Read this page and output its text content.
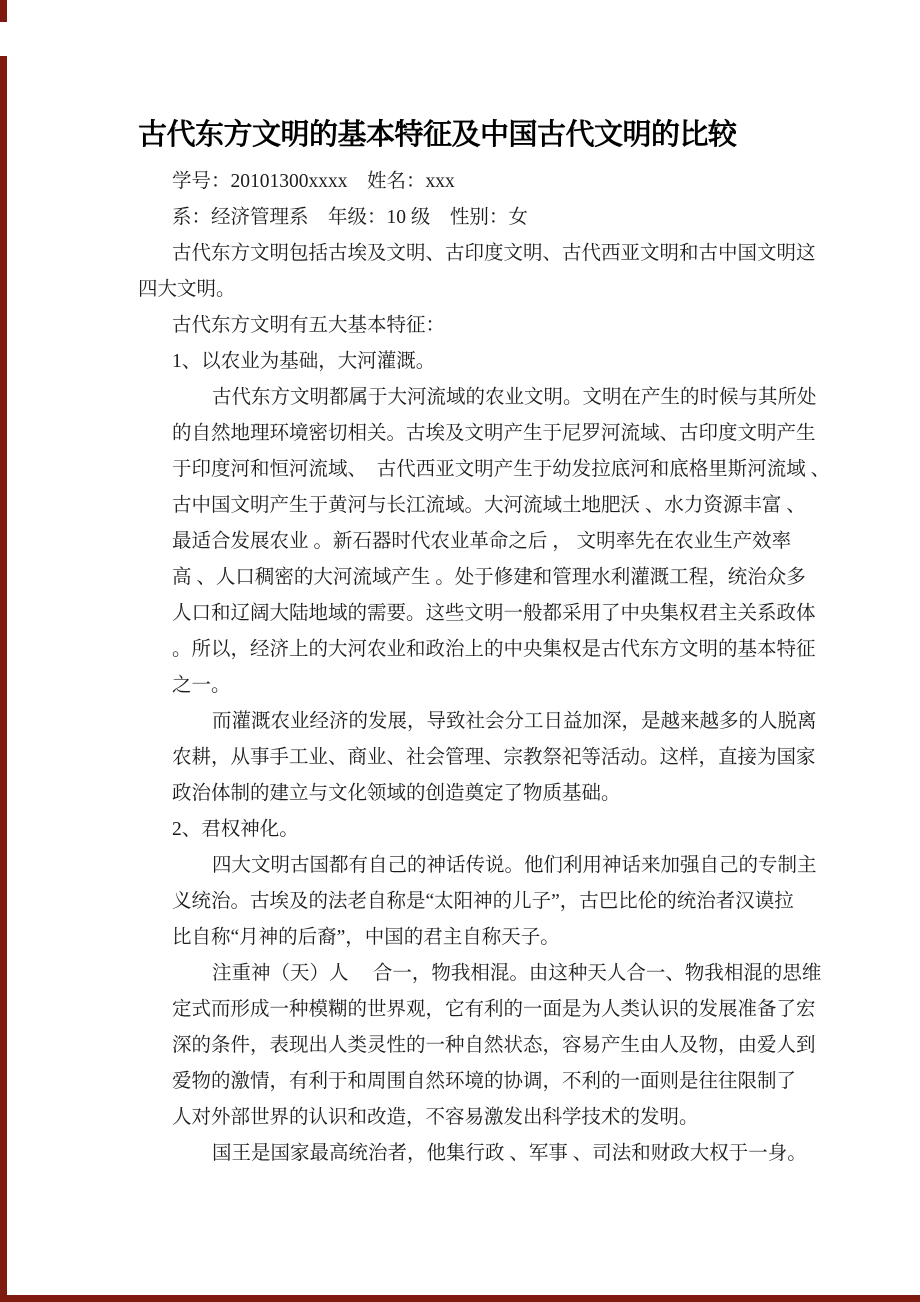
古代东方文明的基本特征及中国古代文明的比较
学号：20101300xxxx　姓名：xxx
系：经济管理系　年级：10 级　性别：女
古代东方文明包括古埃及文明、古印度文明、古代西亚文明和古中国文明这
四大文明。
古代东方文明有五大基本特征：
1、以农业为基础，大河灌溉。
古代东方文明都属于大河流域的农业文明。文明在产生的时候与其所处
的自然地理环境密切相关。古埃及文明产生于尼罗河流域、古印度文明产生
于印度河和恒河流域、　古代西亚文明产生于幼发拉底河和底格里斯河流域 、
古中国文明产生于黄河与长江流域。大河流域土地肥沃 、水力资源丰富 、
最适合发展农业 。新石器时代农业革命之后 ， 文明率先在农业生产效率
高 、人口稠密的大河流域产生 。处于修建和管理水利灌溉工程，统治众多
人口和辽阔大陆地域的需要。这些文明一般都采用了中央集权君主关系政体
。所以，经济上的大河农业和政治上的中央集权是古代东方文明的基本特征
之一。
而灌溉农业经济的发展，导致社会分工日益加深，是越来越多的人脱离
农耕，从事手工业、商业、社会管理、宗教祭祀等活动。这样，直接为国家
政治体制的建立与文化领域的创造奠定了物质基础。
2、君权神化。
四大文明古国都有自己的神话传说。他们利用神话来加强自己的专制主
义统治。古埃及的法老自称是“太阳神的儿子”，古巴比伦的统治者汉谟拉
比自称“月神的后裔”，中国的君主自称天子。
注重神（天）人　 合一，物我相混。由这种天人合一、物我相混的思维
定式而形成一种模糊的世界观，它有利的一面是为人类认识的发展准备了宏
深的条件，表现出人类灵性的一种自然状态，容易产生由人及物，由爱人到
爱物的激情，有利于和周围自然环境的协调，不利的一面则是往往限制了
人对外部世界的认识和改造，不容易激发出科学技术的发明。
国王是国家最高统治者，他集行政 、军事 、司法和财政大权于一身。
